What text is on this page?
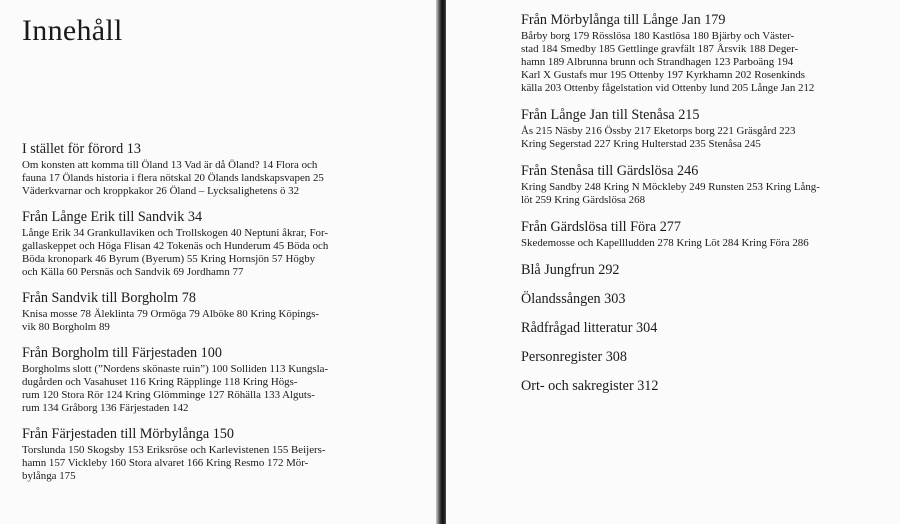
Innehåll
I stället för förord 13
Om konsten att komma till Öland 13 Vad är då Öland? 14 Flora och
fauna 17 Ölands historia i flera nötskal 20 Ölands landskapsvapen 25
Väderkvarnar och kroppkakor 26 Öland – Lycksalighetens ö 32
Från Långe Erik till Sandvik 34
Långe Erik 34 Grankullaviken och Trollskogen 40 Neptuni åkrar, For-
gallaskeppet och Höga Flisan 42 Tokenäs och Hunderum 45 Böda och
Böda kronopark 46 Byrum (Byerum) 55 Kring Hornsjön 57 Högby
och Källa 60 Persnäs och Sandvik 69 Jordhamn 77
Från Sandvik till Borgholm 78
Knisa mosse 78 Äleklinta 79 Ormöga 79 Alböke 80 Kring Köpings-
vik 80 Borgholm 89
Från Borgholm till Färjestaden 100
Borgholms slott (”Nordens skönaste ruin”) 100 Solliden 113 Kungsla-
dugården och Vasahuset 116 Kring Räpplinge 118 Kring Högs-
rum 120 Stora Rör 124 Kring Glömminge 127 Röhälla 133 Alguts-
rum 134 Gråborg 136 Färjestaden 142
Från Färjestaden till Mörbylånga 150
Torslunda 150 Skogsby 153 Eriksröse och Karlevistenen 155 Beijers-
hamn 157 Vickleby 160 Stora alvaret 166 Kring Resmo 172 Mör-
bylånga 175
Från Mörbylånga till Långe Jan 179
Bårby borg 179 Rösslösa 180 Kastlösa 180 Bjärby och Väster-
stad 184 Smedby 185 Gettlinge gravfält 187 Årsvik 188 Deger-
hamn 189 Albrunna brunn och Strandhagen 123 Parboäng 194
Karl X Gustafs mur 195 Ottenby 197 Kyrkhamn 202 Rosenkinds
källa 203 Ottenby fågelstation vid Ottenby lund 205 Långe Jan 212
Från Långe Jan till Stenåsa 215
Ås 215 Näsby 216 Össby 217 Eketorps borg 221 Gräsgård 223
Kring Segerstad 227 Kring Hulterstad 235 Stenåsa 245
Från Stenåsa till Gärdslösa 246
Kring Sandby 248 Kring N Möckleby 249 Runsten 253 Kring Lång-
löt 259 Kring Gärdslösa 268
Från Gärdslösa till Föra 277
Skedemosse och Kapellludden 278 Kring Löt 284 Kring Föra 286
Blå Jungfrun 292
Ölandssången 303
Rådfrågad litteratur 304
Personregister 308
Ort- och sakregister 312
